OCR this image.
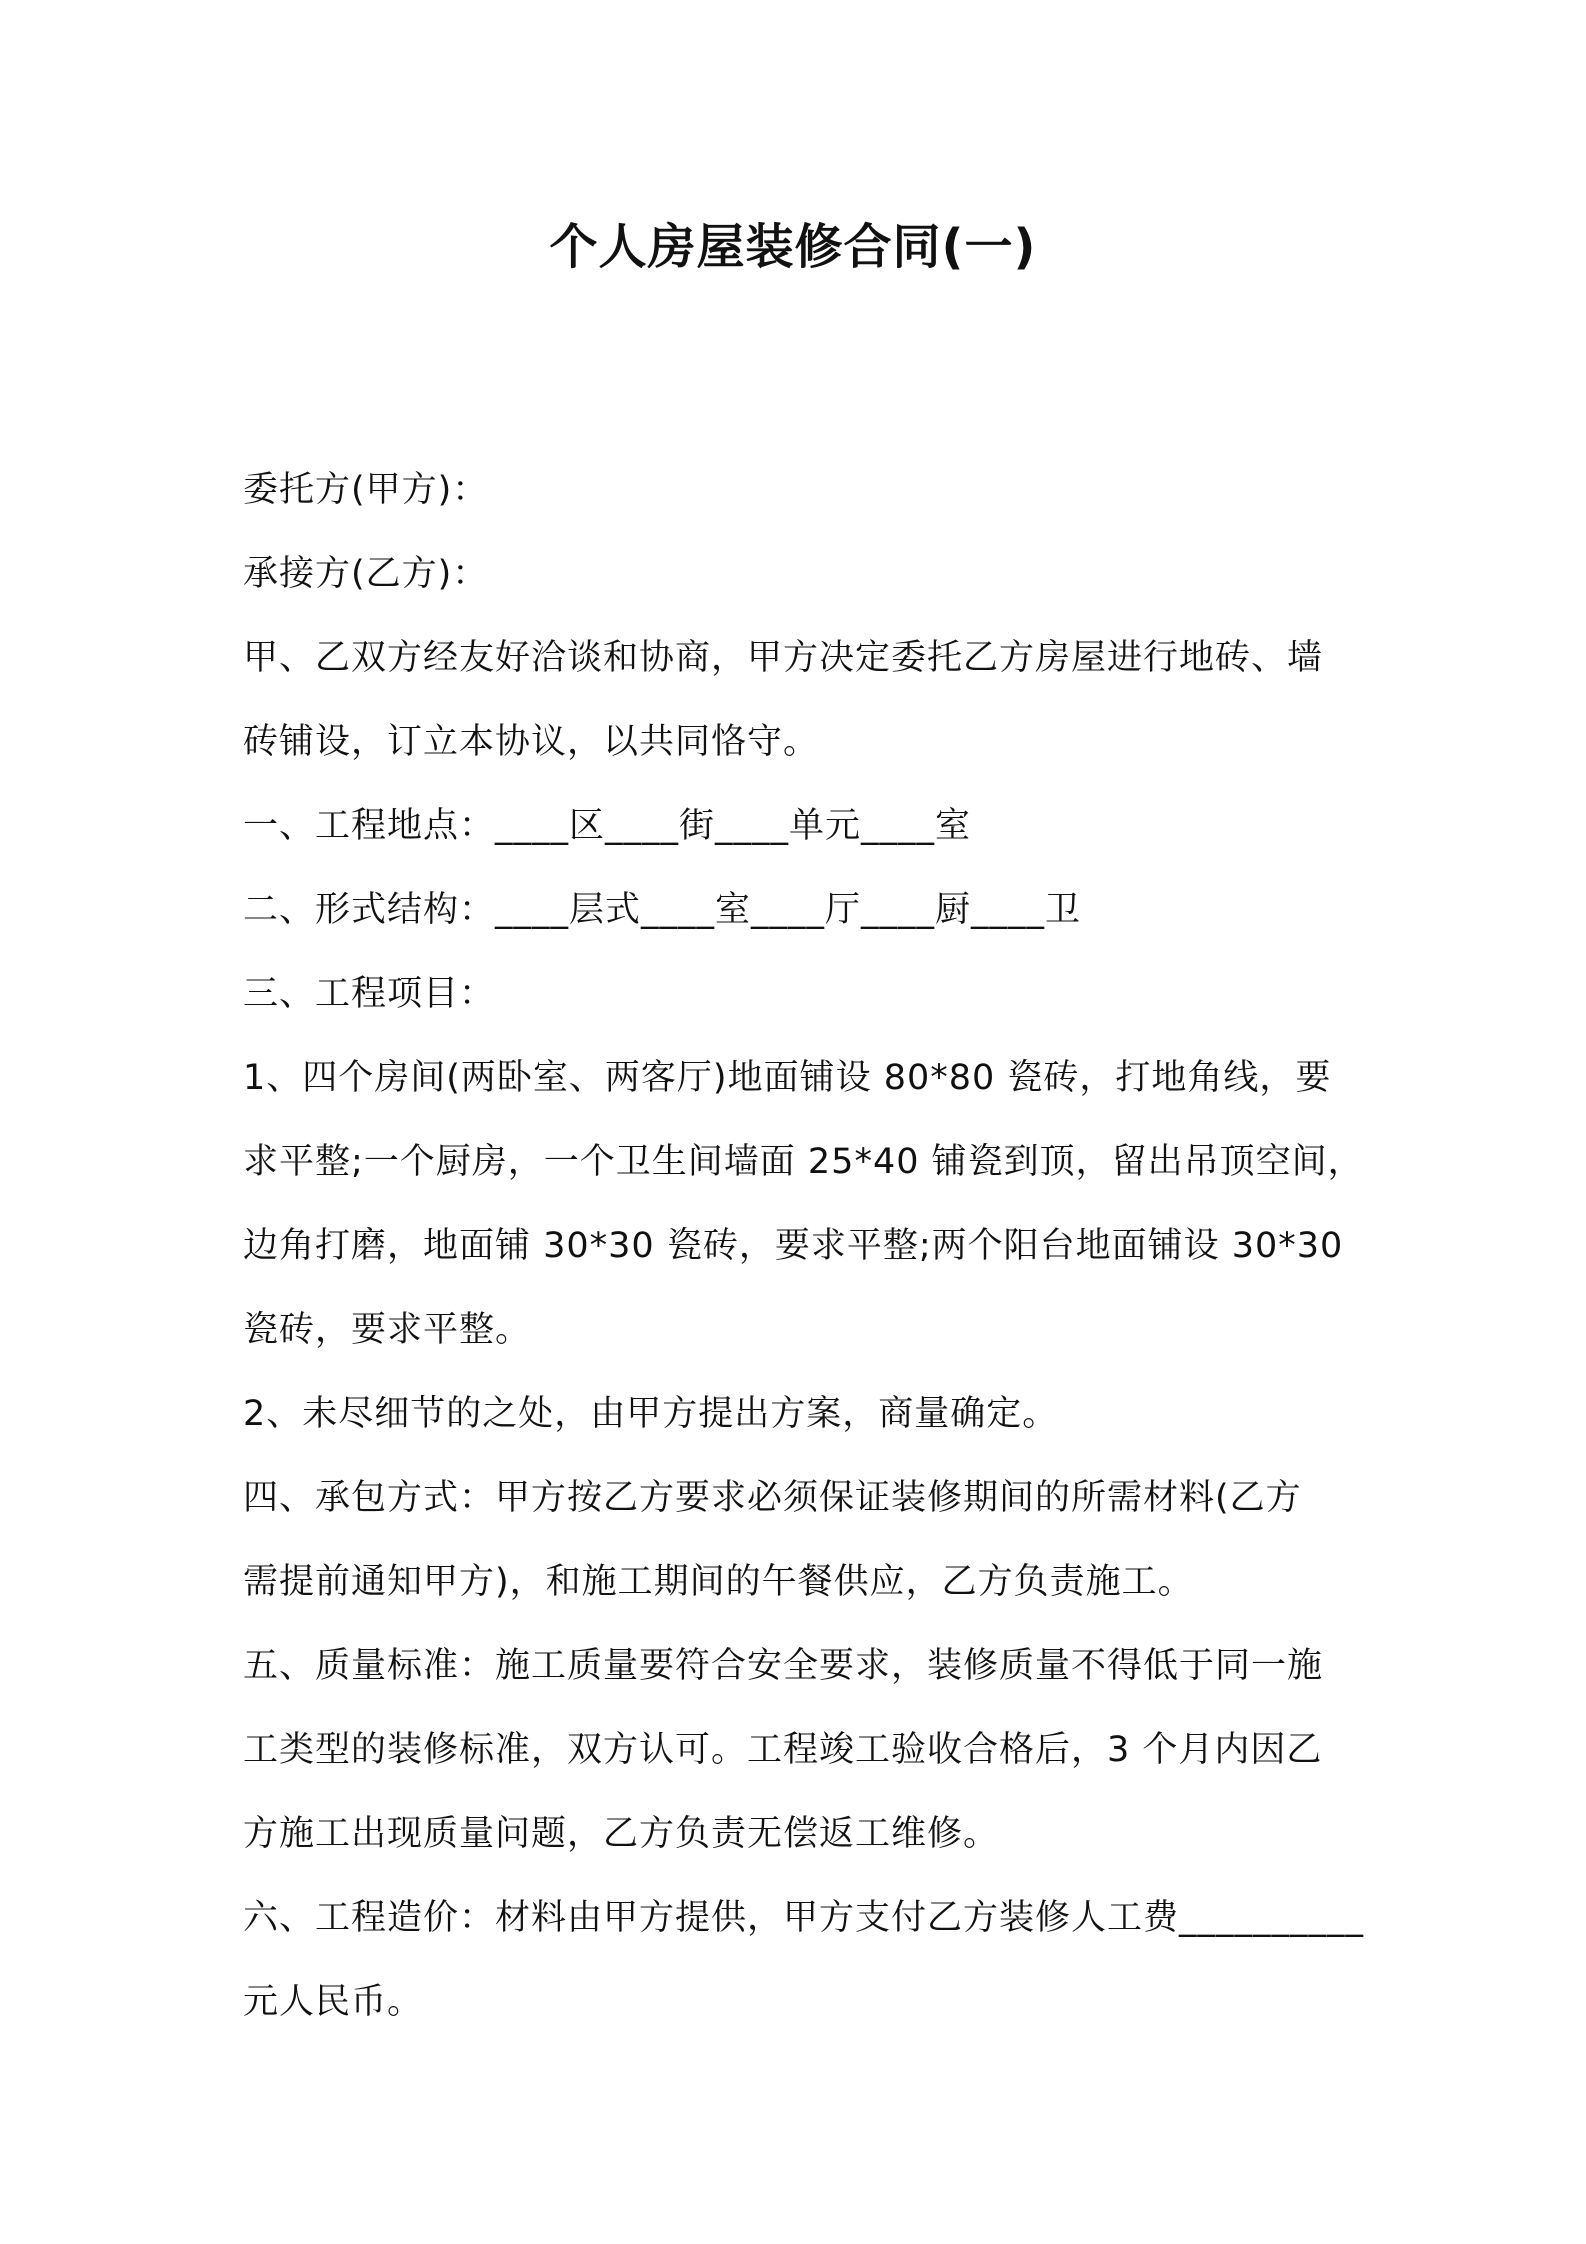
个人房屋装修合同(一)
委托方(甲方)：
承接方(乙方)：
甲、乙双方经友好洽谈和协商，甲方决定委托乙方房屋进行地砖、墙
砖铺设，订立本协议，以共同恪守。
一、工程地点：____区____街____单元____室
二、形式结构：____层式____室____厅____厨____卫
三、工程项目：
1、四个房间(两卧室、两客厅)地面铺设 80*80 瓷砖，打地角线，要
求平整;一个厨房，一个卫生间墙面 25*40 铺瓷到顶，留出吊顶空间，
边角打磨，地面铺 30*30 瓷砖，要求平整;两个阳台地面铺设 30*30
瓷砖，要求平整。
2、未尽细节的之处，由甲方提出方案，商量确定。
四、承包方式：甲方按乙方要求必须保证装修期间的所需材料(乙方
需提前通知甲方)，和施工期间的午餐供应，乙方负责施工。
五、质量标准：施工质量要符合安全要求，装修质量不得低于同一施
工类型的装修标准，双方认可。工程竣工验收合格后，3 个月内因乙
方施工出现质量问题，乙方负责无偿返工维修。
六、工程造价：材料由甲方提供，甲方支付乙方装修人工费__________
元人民币。
